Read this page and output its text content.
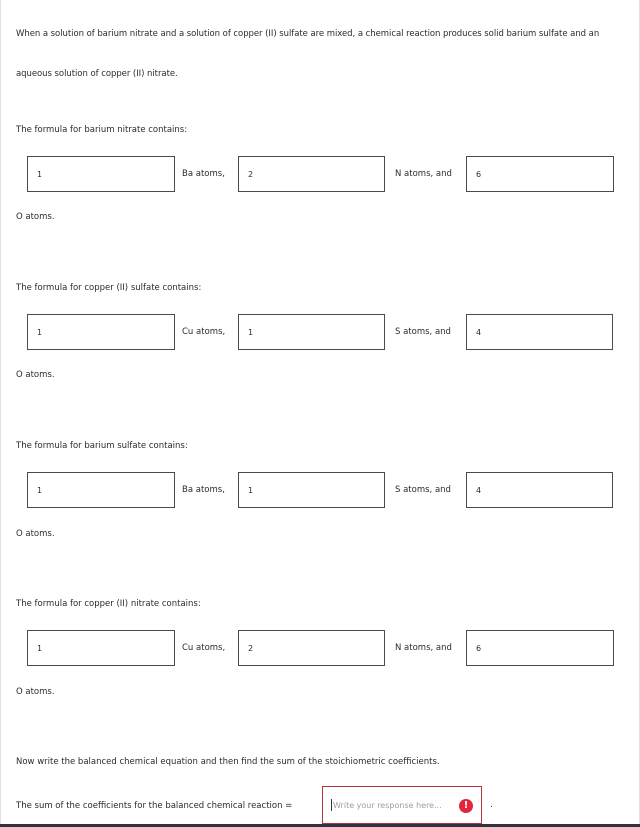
When a solution of barium nitrate and a solution of copper (II) sulfate are mixed, a chemical reaction produces solid barium sulfate and an aqueous solution of copper (II) nitrate.
The formula for barium nitrate contains:
1	Ba atoms,	2	N atoms, and	6
O atoms.
The formula for copper (II) sulfate contains:
1	Cu atoms,	1	S atoms, and	4
O atoms.
The formula for barium sulfate contains:
1	Ba atoms,	1	S atoms, and	4
O atoms.
The formula for copper (II) nitrate contains:
1	Cu atoms,	2	N atoms, and	6
O atoms.
Now write the balanced chemical equation and then find the sum of the stoichiometric coefficients.
The sum of the coefficients for the balanced chemical reaction =	Write your response here...	!	.
